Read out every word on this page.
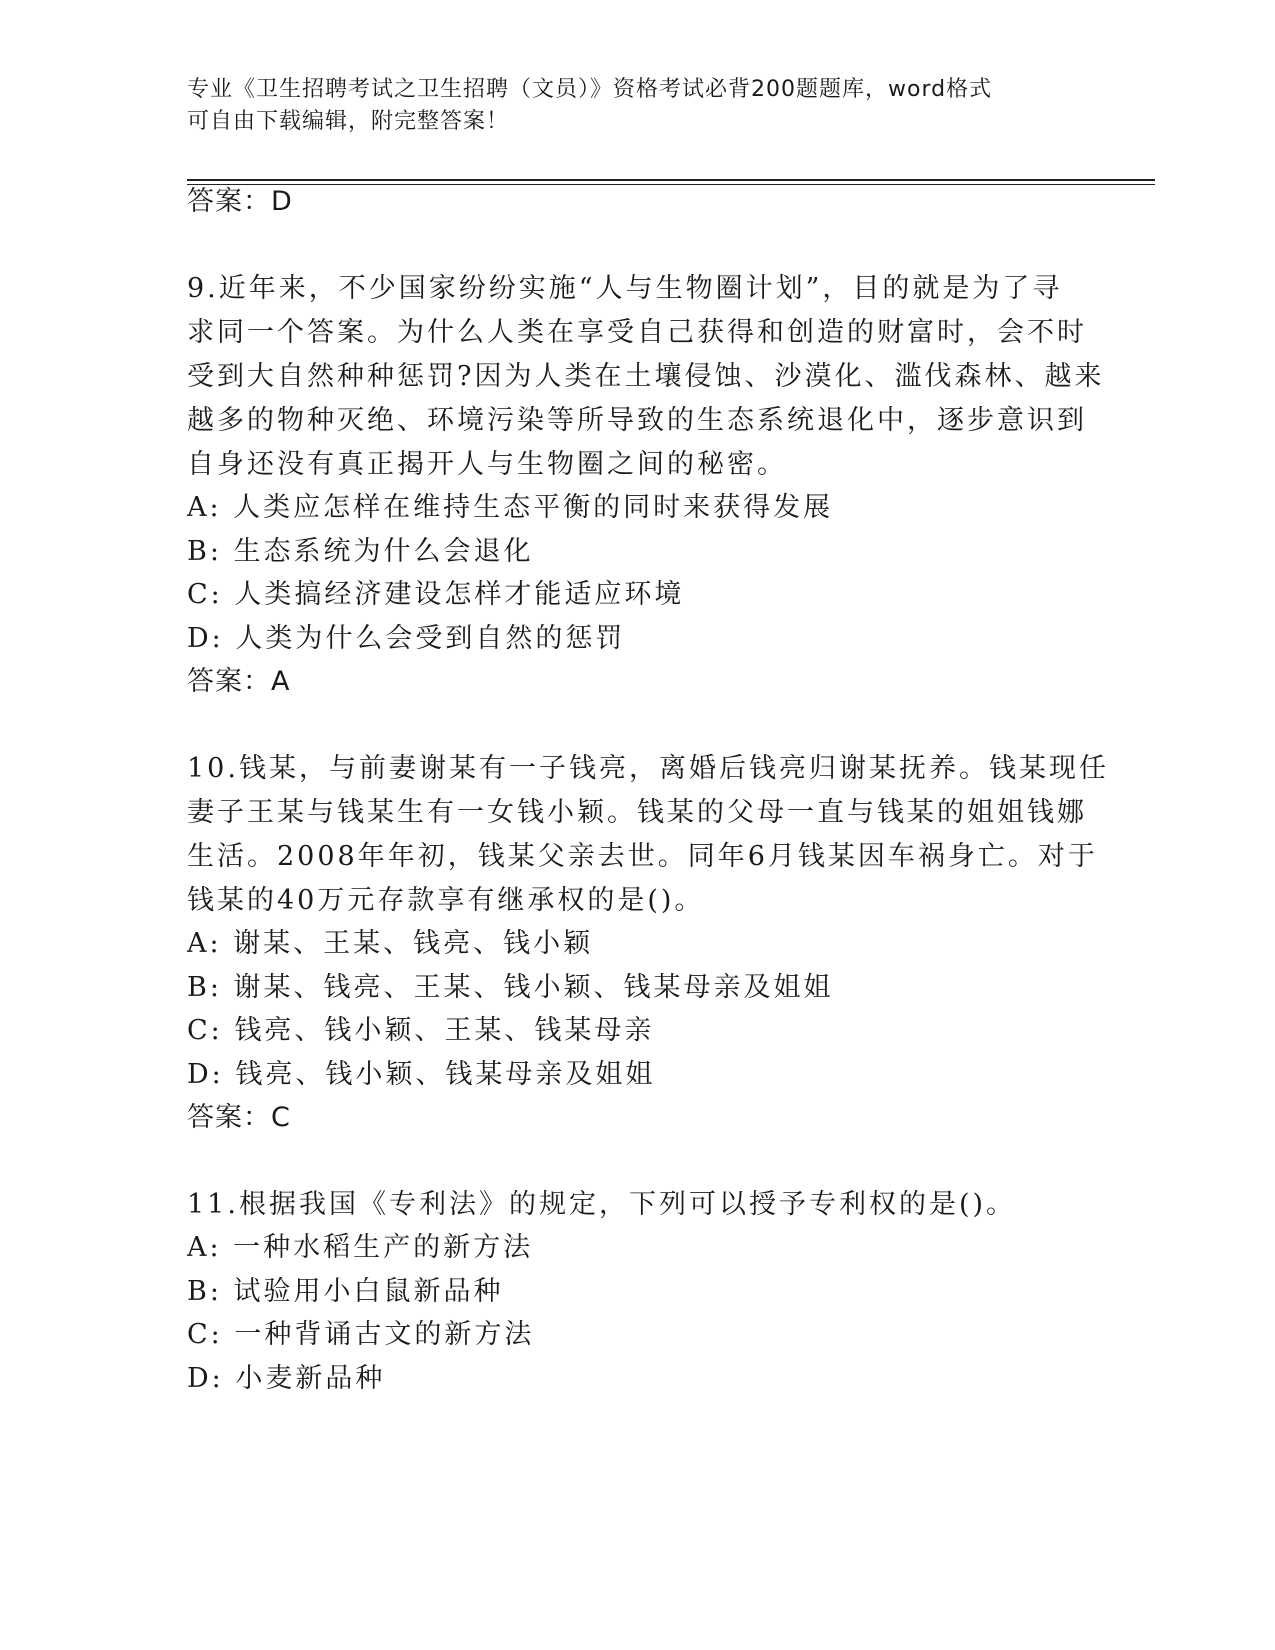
专业《卫生招聘考试之卫生招聘（文员）》资格考试必背200题题库，word格式
可自由下载编辑，附完整答案！
答案：D
9.近年来，不少国家纷纷实施“人与生物圈计划”，目的就是为了寻
求同一个答案。为什么人类在享受自己获得和创造的财富时，会不时
受到大自然种种惩罚?因为人类在土壤侵蚀、沙漠化、滥伐森林、越来
越多的物种灭绝、环境污染等所导致的生态系统退化中，逐步意识到
自身还没有真正揭开人与生物圈之间的秘密。
A: 人类应怎样在维持生态平衡的同时来获得发展
B: 生态系统为什么会退化
C: 人类搞经济建设怎样才能适应环境
D: 人类为什么会受到自然的惩罚
答案：A
10.钱某，与前妻谢某有一子钱亮，离婚后钱亮归谢某抚养。钱某现任
妻子王某与钱某生有一女钱小颖。钱某的父母一直与钱某的姐姐钱娜
生活。2008年年初，钱某父亲去世。同年6月钱某因车祸身亡。对于
钱某的40万元存款享有继承权的是()。
A: 谢某、王某、钱亮、钱小颖
B: 谢某、钱亮、王某、钱小颖、钱某母亲及姐姐
C: 钱亮、钱小颖、王某、钱某母亲
D: 钱亮、钱小颖、钱某母亲及姐姐
答案：C
11.根据我国《专利法》的规定，下列可以授予专利权的是()。
A: 一种水稻生产的新方法
B: 试验用小白鼠新品种
C: 一种背诵古文的新方法
D: 小麦新品种
